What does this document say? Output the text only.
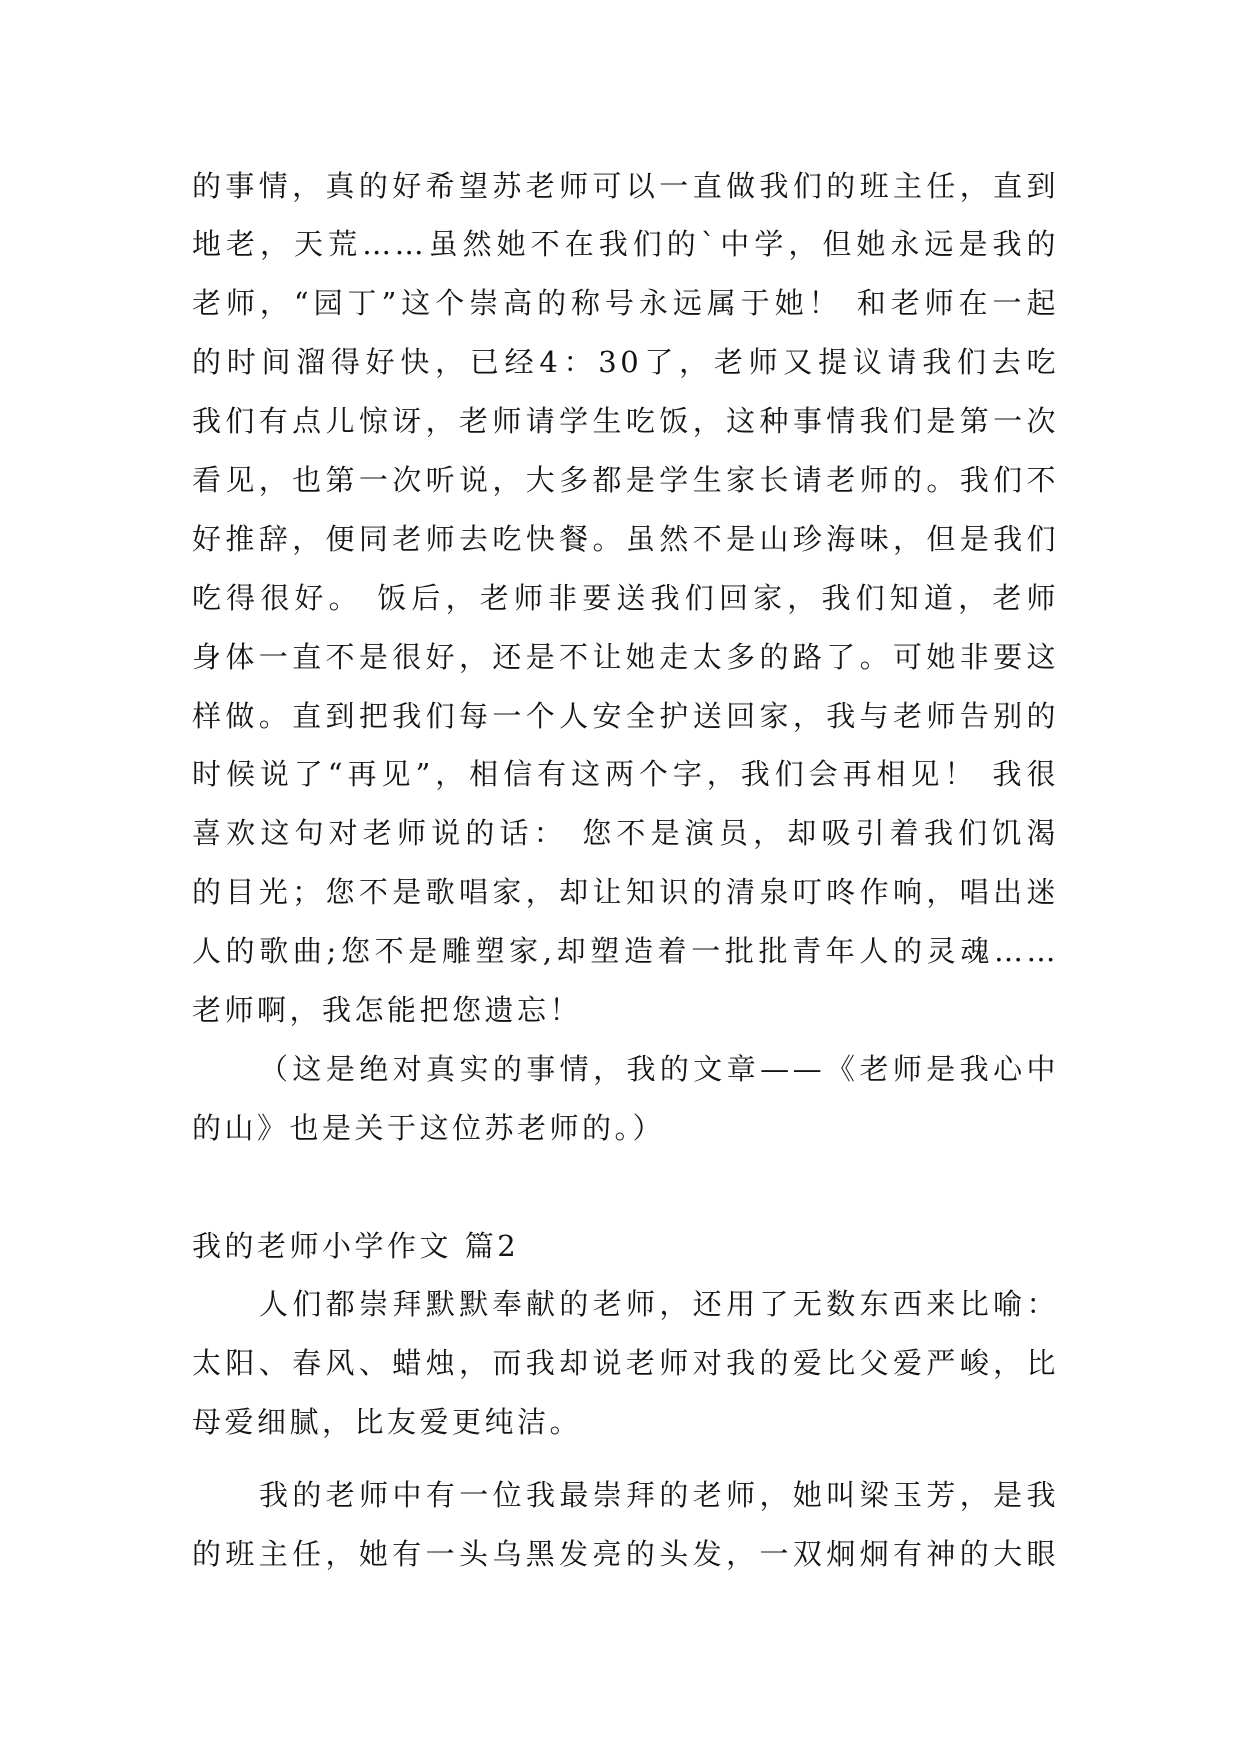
的事情，真的好希望苏老师可以一直做我们的班主任，直到
地老，天荒……虽然她不在我们的`中学，但她永远是我的
老师，“园丁”这个崇高的称号永远属于她！ 和老师在一起
的时间溜得好快，已经4：30了，老师又提议请我们去吃
我们有点儿惊讶，老师请学生吃饭，这种事情我们是第一次
看见，也第一次听说，大多都是学生家长请老师的。我们不
好推辞，便同老师去吃快餐。虽然不是山珍海味，但是我们
吃得很好。 饭后，老师非要送我们回家，我们知道，老师
身体一直不是很好，还是不让她走太多的路了。可她非要这
样做。直到把我们每一个人安全护送回家，我与老师告别的
时候说了“再见”，相信有这两个字，我们会再相见！ 我很
喜欢这句对老师说的话： 您不是演员，却吸引着我们饥渴
的目光；您不是歌唱家，却让知识的清泉叮咚作响，唱出迷
人的歌曲;您不是雕塑家,却塑造着一批批青年人的灵魂……
老师啊，我怎能把您遗忘！
（这是绝对真实的事情，我的文章——《老师是我心中
的山》也是关于这位苏老师的。）
我的老师小学作文 篇2
人们都崇拜默默奉献的老师，还用了无数东西来比喻：
太阳、春风、蜡烛，而我却说老师对我的爱比父爱严峻，比
母爱细腻，比友爱更纯洁。
我的老师中有一位我最崇拜的老师，她叫梁玉芳，是我
的班主任，她有一头乌黑发亮的头发，一双炯炯有神的大眼
